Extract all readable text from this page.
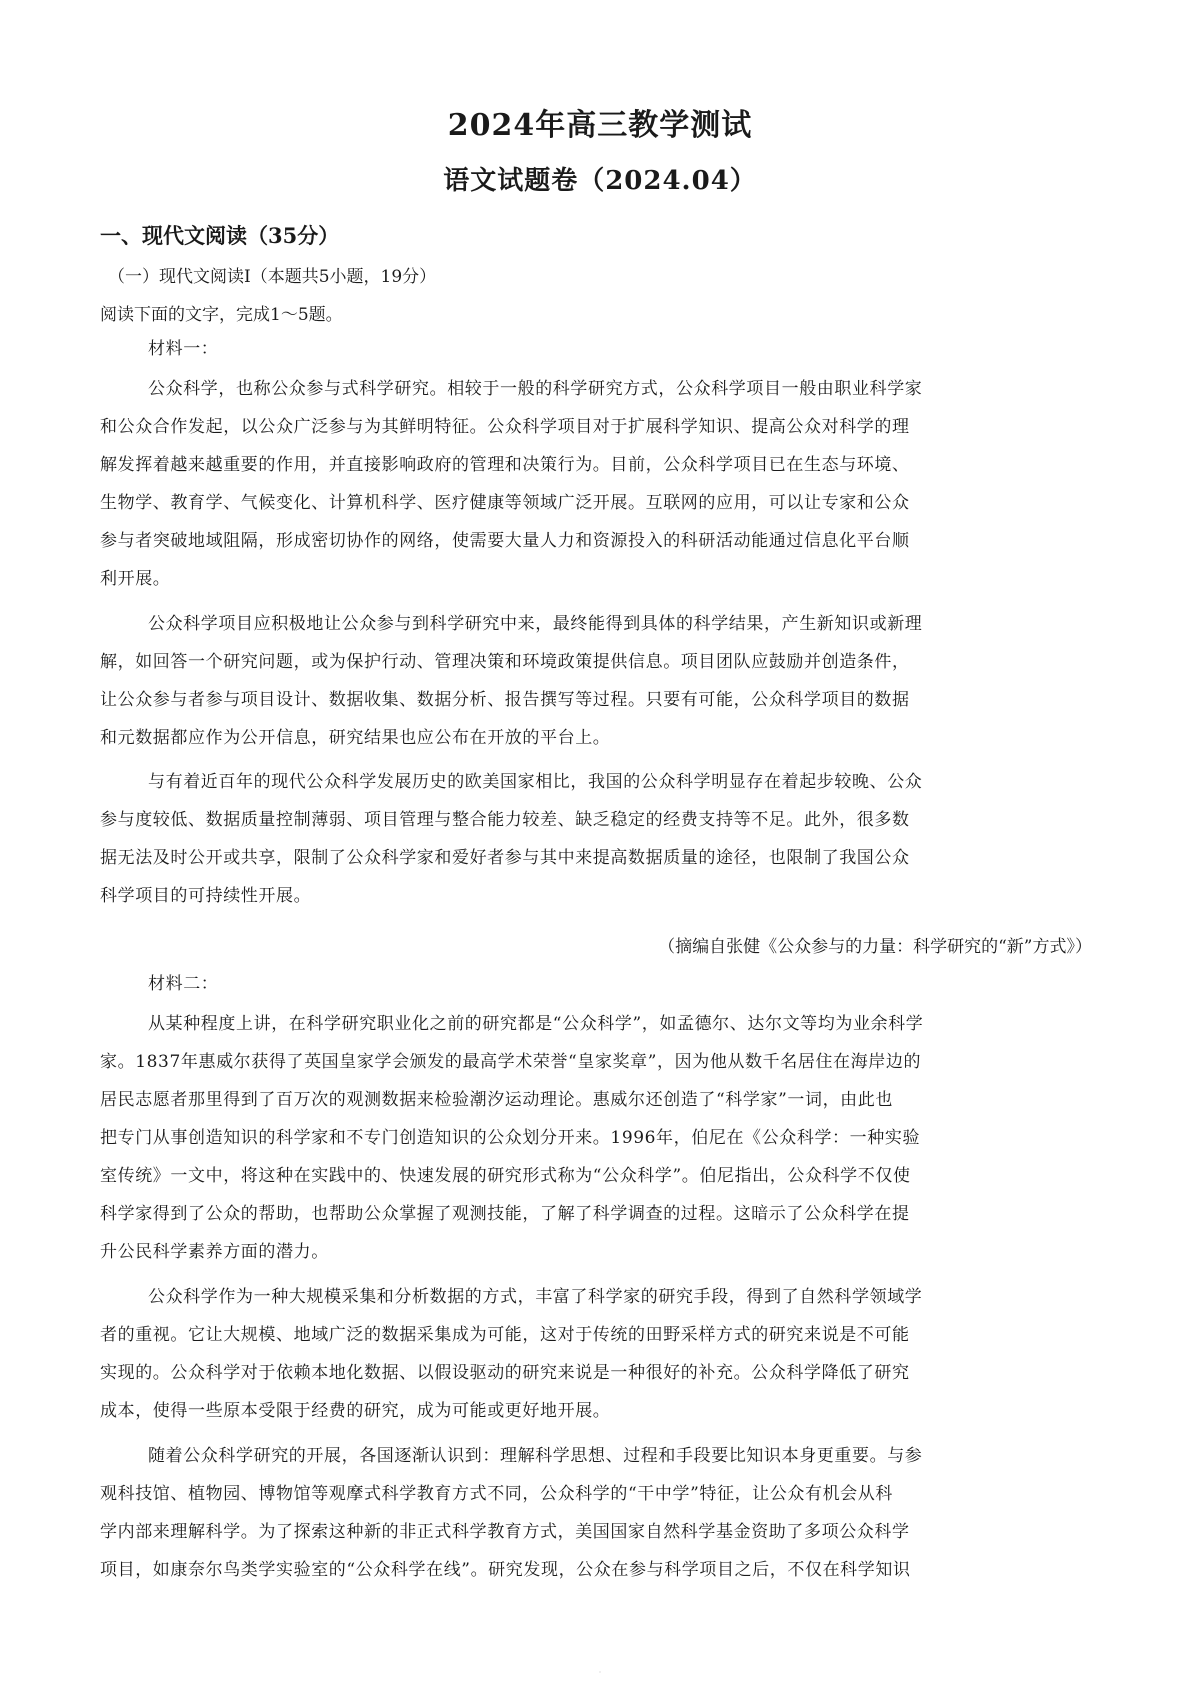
2024年高三教学测试
语文试题卷（2024.04）
一、现代文阅读（35分）
（一）现代文阅读Ⅰ（本题共5小题，19分）
阅读下面的文字，完成1～5题。
材料一：
公众科学，也称公众参与式科学研究。相较于一般的科学研究方式，公众科学项目一般由职业科学家
和公众合作发起，以公众广泛参与为其鲜明特征。公众科学项目对于扩展科学知识、提高公众对科学的理
解发挥着越来越重要的作用，并直接影响政府的管理和决策行为。目前，公众科学项目已在生态与环境、
生物学、教育学、气候变化、计算机科学、医疗健康等领域广泛开展。互联网的应用，可以让专家和公众
参与者突破地域阻隔，形成密切协作的网络，使需要大量人力和资源投入的科研活动能通过信息化平台顺
利开展。
公众科学项目应积极地让公众参与到科学研究中来，最终能得到具体的科学结果，产生新知识或新理
解，如回答一个研究问题，或为保护行动、管理决策和环境政策提供信息。项目团队应鼓励并创造条件，
让公众参与者参与项目设计、数据收集、数据分析、报告撰写等过程。只要有可能，公众科学项目的数据
和元数据都应作为公开信息，研究结果也应公布在开放的平台上。
与有着近百年的现代公众科学发展历史的欧美国家相比，我国的公众科学明显存在着起步较晚、公众
参与度较低、数据质量控制薄弱、项目管理与整合能力较差、缺乏稳定的经费支持等不足。此外，很多数
据无法及时公开或共享，限制了公众科学家和爱好者参与其中来提高数据质量的途径，也限制了我国公众
科学项目的可持续性开展。
（摘编自张健《公众参与的力量：科学研究的“新”方式》）
材料二：
从某种程度上讲，在科学研究职业化之前的研究都是“公众科学”，如孟德尔、达尔文等均为业余科学
家。1837年惠威尔获得了英国皇家学会颁发的最高学术荣誉“皇家奖章”，因为他从数千名居住在海岸边的
居民志愿者那里得到了百万次的观测数据来检验潮汐运动理论。惠威尔还创造了“科学家”一词，由此也
把专门从事创造知识的科学家和不专门创造知识的公众划分开来。1996年，伯尼在《公众科学：一种实验
室传统》一文中，将这种在实践中的、快速发展的研究形式称为“公众科学”。伯尼指出，公众科学不仅使
科学家得到了公众的帮助，也帮助公众掌握了观测技能，了解了科学调查的过程。这暗示了公众科学在提
升公民科学素养方面的潜力。
公众科学作为一种大规模采集和分析数据的方式，丰富了科学家的研究手段，得到了自然科学领域学
者的重视。它让大规模、地域广泛的数据采集成为可能，这对于传统的田野采样方式的研究来说是不可能
实现的。公众科学对于依赖本地化数据、以假设驱动的研究来说是一种很好的补充。公众科学降低了研究
成本，使得一些原本受限于经费的研究，成为可能或更好地开展。
随着公众科学研究的开展，各国逐渐认识到：理解科学思想、过程和手段要比知识本身更重要。与参
观科技馆、植物园、博物馆等观摩式科学教育方式不同，公众科学的“干中学”特征，让公众有机会从科
学内部来理解科学。为了探索这种新的非正式科学教育方式，美国国家自然科学基金资助了多项公众科学
项目，如康奈尔鸟类学实验室的“公众科学在线”。研究发现，公众在参与科学项目之后，不仅在科学知识
·
